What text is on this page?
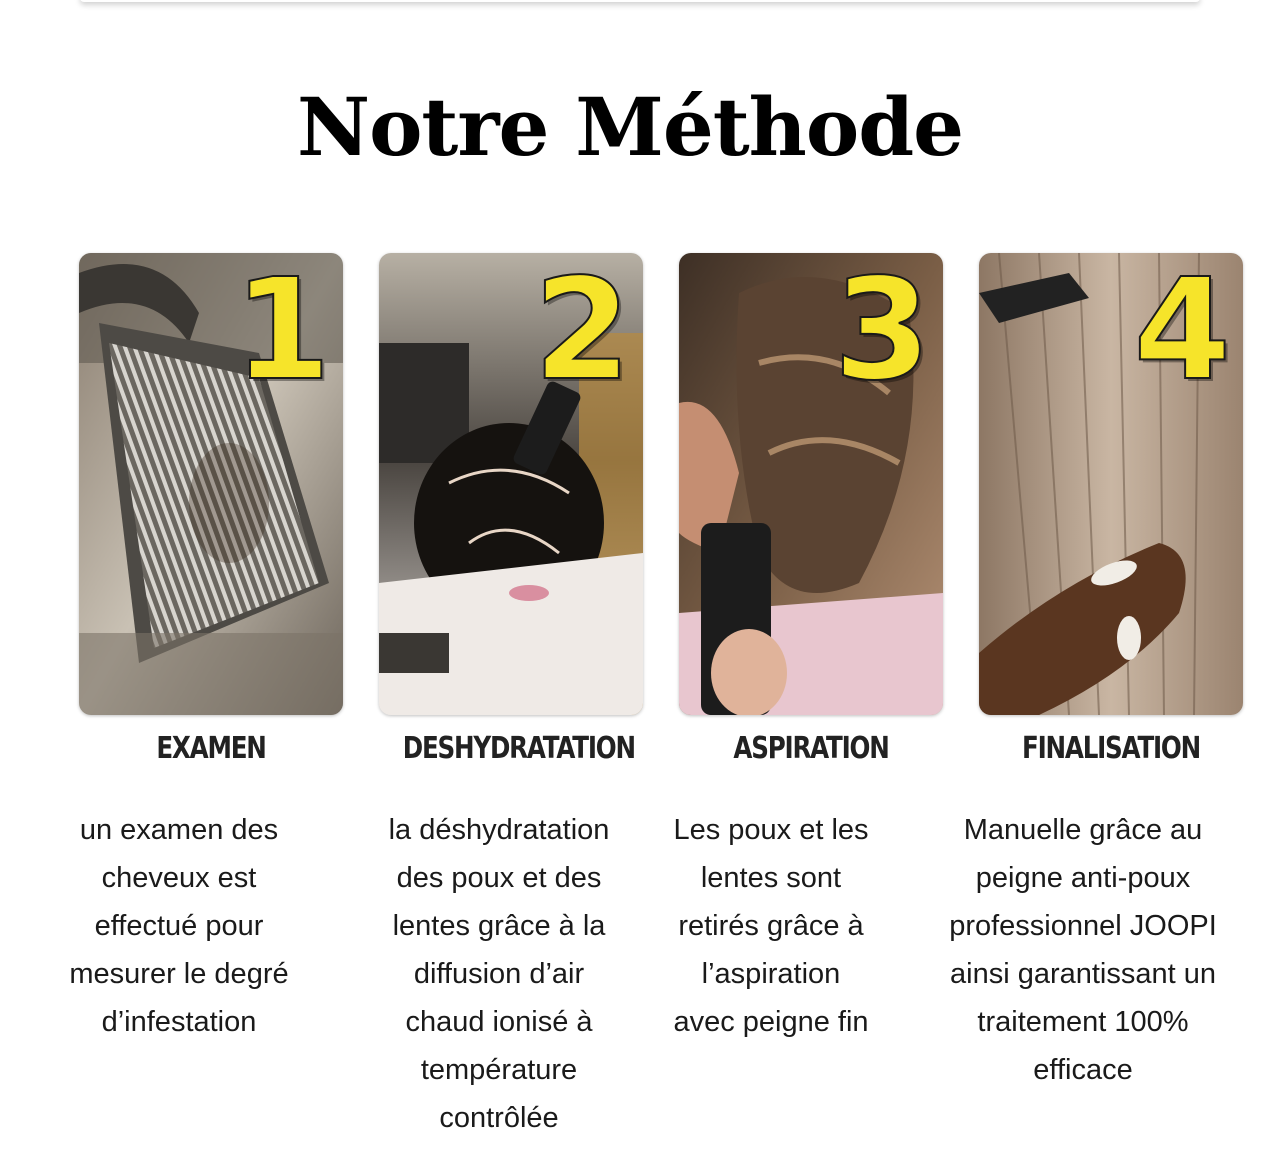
Notre Méthode
1
EXAMEN
un examen des
cheveux est
effectué pour
mesurer le degré
d’infestation
2
DESHYDRATATION
la déshydratation
des poux et des
lentes grâce à la
diffusion d’air
chaud ionisé à
température
contrôlée
3
ASPIRATION
Les poux et les
lentes sont
retirés grâce à
l’aspiration
avec peigne fin
4
FINALISATION
Manuelle grâce au
peigne anti-poux
professionnel JOOPI
ainsi garantissant un
traitement 100%
efficace
